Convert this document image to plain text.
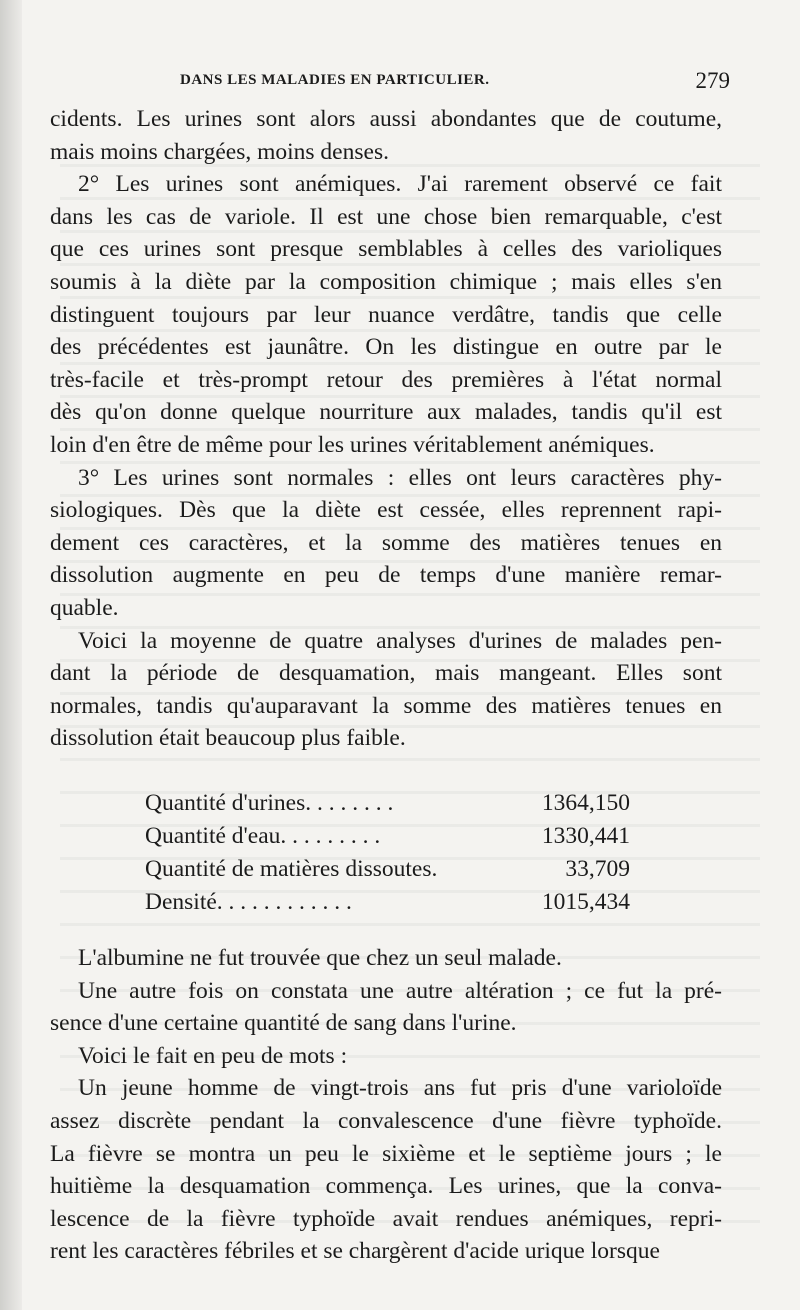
DANS LES MALADIES EN PARTICULIER.	279
cidents. Les urines sont alors aussi abondantes que de coutume,
mais moins chargées, moins denses.
2° Les urines sont anémiques. J'ai rarement observé ce fait
dans les cas de variole. Il est une chose bien remarquable, c'est
que ces urines sont presque semblables à celles des varioliques
soumis à la diète par la composition chimique ; mais elles s'en
distinguent toujours par leur nuance verdâtre, tandis que celle
des précédentes est jaunâtre. On les distingue en outre par le
très-facile et très-prompt retour des premières à l'état normal
dès qu'on donne quelque nourriture aux malades, tandis qu'il est
loin d'en être de même pour les urines véritablement anémiques.
3° Les urines sont normales : elles ont leurs caractères phy-
siologiques. Dès que la diète est cessée, elles reprennent rapi-
dement ces caractères, et la somme des matières tenues en
dissolution augmente en peu de temps d'une manière remar-
quable.
Voici la moyenne de quatre analyses d'urines de malades pen-
dant la période de desquamation, mais mangeant. Elles sont
normales, tandis qu'auparavant la somme des matières tenues en
dissolution était beaucoup plus faible.
Quantité d'urines. . . . . . . .	1364,150
Quantité d'eau. . . . . . . . .	1330,441
Quantité de matières dissoutes.	33,709
Densité. . . . . . . . . . . .	1015,434
L'albumine ne fut trouvée que chez un seul malade.
Une autre fois on constata une autre altération ; ce fut la pré-
sence d'une certaine quantité de sang dans l'urine.
Voici le fait en peu de mots :
Un jeune homme de vingt-trois ans fut pris d'une varioloïde
assez discrète pendant la convalescence d'une fièvre typhoïde.
La fièvre se montra un peu le sixième et le septième jours ; le
huitième la desquamation commença. Les urines, que la conva-
lescence de la fièvre typhoïde avait rendues anémiques, repri-
rent les caractères fébriles et se chargèrent d'acide urique lorsque
